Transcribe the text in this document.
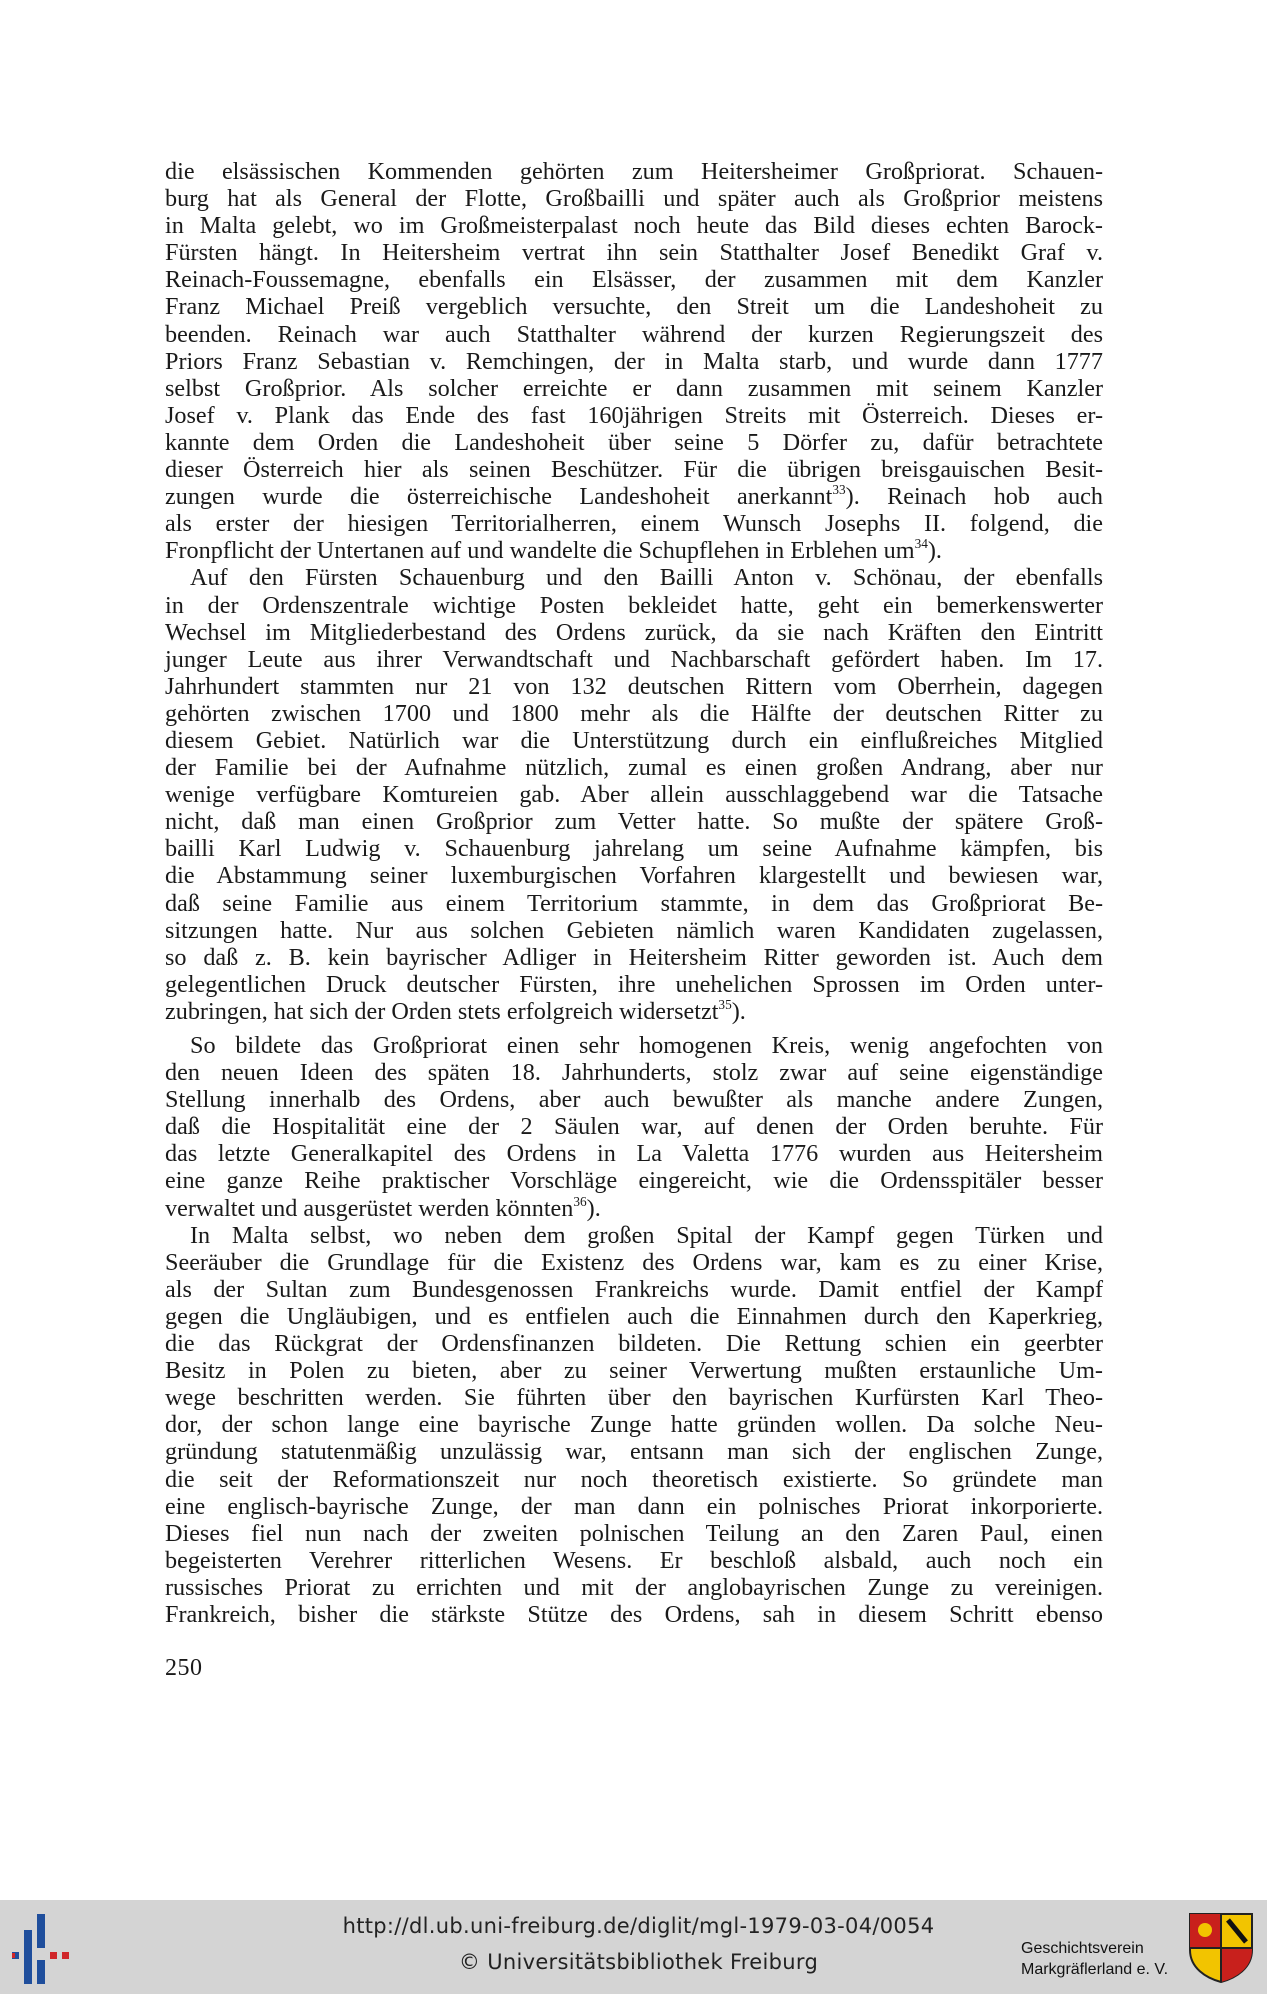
die elsässischen Kommenden gehörten zum Heitersheimer Großpriorat. Schauen-
burg hat als General der Flotte, Großbailli und später auch als Großprior meistens
in Malta gelebt, wo im Großmeisterpalast noch heute das Bild dieses echten Barock-
Fürsten hängt. In Heitersheim vertrat ihn sein Statthalter Josef Benedikt Graf v.
Reinach-Foussemagne, ebenfalls ein Elsässer, der zusammen mit dem Kanzler
Franz Michael Preiß vergeblich versuchte, den Streit um die Landeshoheit zu
beenden. Reinach war auch Statthalter während der kurzen Regierungszeit des
Priors Franz Sebastian v. Remchingen, der in Malta starb, und wurde dann 1777
selbst Großprior. Als solcher erreichte er dann zusammen mit seinem Kanzler
Josef v. Plank das Ende des fast 160jährigen Streits mit Österreich. Dieses er-
kannte dem Orden die Landeshoheit über seine 5 Dörfer zu, dafür betrachtete
dieser Österreich hier als seinen Beschützer. Für die übrigen breisgauischen Besit-
zungen wurde die österreichische Landeshoheit anerkannt$^{33}$). Reinach hob auch
als erster der hiesigen Territorialherren, einem Wunsch Josephs II. folgend, die
Fronpflicht der Untertanen auf und wandelte die Schupflehen in Erblehen $um^{34}$).
Auf den Fürsten Schauenburg und den Bailli Anton v. Schönau, der ebenfalls
in der Ordenszentrale wichtige Posten bekleidet hatte, geht ein bemerkenswerter
Wechsel im Mitgliederbestand des Ordens zurück, da sie nach Kräften den Eintritt
junger Leute aus ihrer Verwandtschaft und Nachbarschaft gefördert haben. Im 17.
Jahrhundert stammten nur 21 von 132 deutschen Rittern vom Oberrhein, dagegen
gehörten zwischen 1700 und 1800 mehr als die Hälfte der deutschen Ritter zu
diesem Gebiet. Natürlich war die Unterstützung durch ein einflußreiches Mitglied
der Familie bei der Aufnahme nützlich, zumal es einen großen Andrang, aber nur
wenige verfügbare Komtureien gab. Aber allein ausschlaggebend war die Tatsache
nicht, daß man einen Großprior zum Vetter hatte. So mußte der spätere Groß-
bailli Karl Ludwig v. Schauenburg jahrelang um seine Aufnahme kämpfen, bis
die Abstammung seiner luxemburgischen Vorfahren klargestellt und bewiesen war,
daß seine Familie aus einem Territorium stammte, in dem das Großpriorat Be-
sitzungen hatte. Nur aus solchen Gebieten nämlich waren Kandidaten zugelassen,
so daß z. B. kein bayrischer Adliger in Heitersheim Ritter geworden ist. Auch dem
gelegentlichen Druck deutscher Fürsten, ihre unehelichen Sprossen im Orden unter-
zubringen, hat sich der Orden stets erfolgreich widersetzt$^{35}$).
So bildete das Großpriorat einen sehr homogenen Kreis, wenig angefochten von
den neuen Ideen des späten 18. Jahrhunderts, stolz zwar auf seine eigenständige
Stellung innerhalb des Ordens, aber auch bewußter als manche andere Zungen,
daß die Hospitalität eine der 2 Säulen war, auf denen der Orden beruhte. Für
das letzte Generalkapitel des Ordens in La Valetta 1776 wurden aus Heitersheim
eine ganze Reihe praktischer Vorschläge eingereicht, wie die Ordensspitäler besser
verwaltet und ausgerüstet werden könnten$^{36}$).
In Malta selbst, wo neben dem großen Spital der Kampf gegen Türken und
Seeräuber die Grundlage für die Existenz des Ordens war, kam es zu einer Krise,
als der Sultan zum Bundesgenossen Frankreichs wurde. Damit entfiel der Kampf
gegen die Ungläubigen, und es entfielen auch die Einnahmen durch den Kaperkrieg,
die das Rückgrat der Ordensfinanzen bildeten. Die Rettung schien ein geerbter
Besitz in Polen zu bieten, aber zu seiner Verwertung mußten erstaunliche Um-
wege beschritten werden. Sie führten über den bayrischen Kurfürsten Karl Theo-
dor, der schon lange eine bayrische Zunge hatte gründen wollen. Da solche Neu-
gründung statutenmäßig unzulässig war, entsann man sich der englischen Zunge,
die seit der Reformationszeit nur noch theoretisch existierte. So gründete man
eine englisch-bayrische Zunge, der man dann ein polnisches Priorat inkorporierte.
Dieses fiel nun nach der zweiten polnischen Teilung an den Zaren Paul, einen
begeisterten Verehrer ritterlichen Wesens. Er beschloß alsbald, auch noch ein
russisches Priorat zu errichten und mit der anglobayrischen Zunge zu vereinigen.
Frankreich, bisher die stärkste Stütze des Ordens, sah in diesem Schritt ebenso
250
http://dl.ub.uni-freiburg.de/diglit/mgl-1979-03-04/0054
© Universitätsbibliothek Freiburg
Geschichtsverein
Markgräflerland e. V.
